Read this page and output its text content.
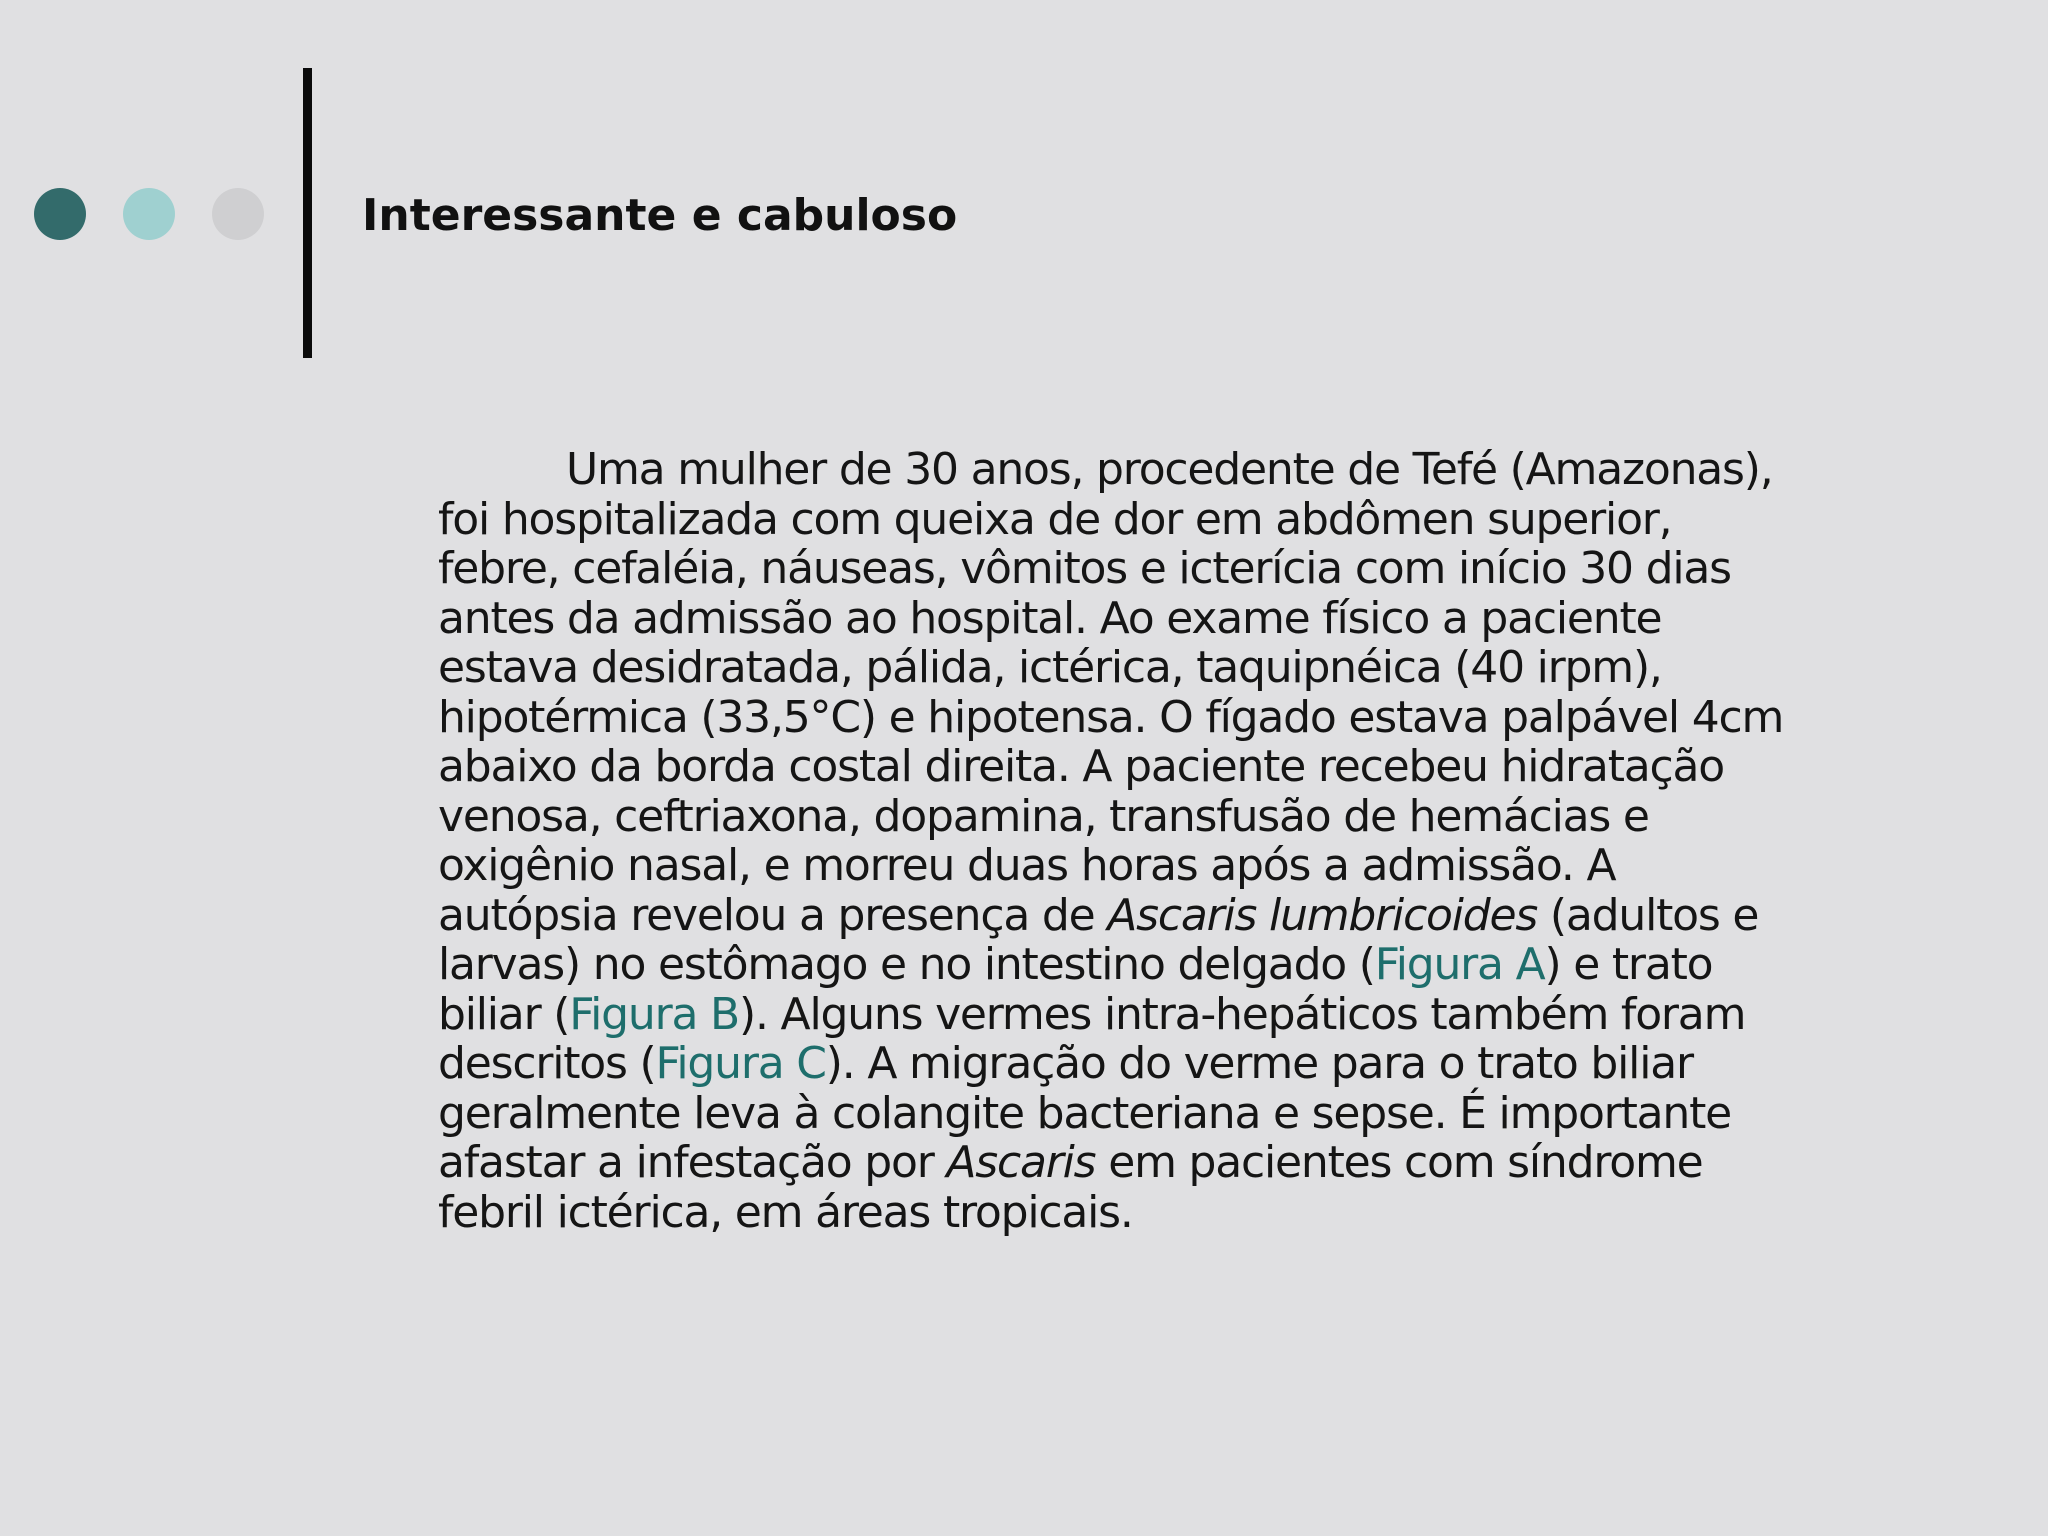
Interessante e cabuloso

Uma mulher de 30 anos, procedente de Tefé (Amazonas),
foi hospitalizada com queixa de dor em abdômen superior,
febre, cefaléia, náuseas, vômitos e icterícia com início 30 dias
antes da admissão ao hospital. Ao exame físico a paciente
estava desidratada, pálida, ictérica, taquipnéica (40 irpm),
hipotérmica (33,5°C) e hipotensa. O fígado estava palpável 4cm
abaixo da borda costal direita. A paciente recebeu hidratação
venosa, ceftriaxona, dopamina, transfusão de hemácias e
oxigênio nasal, e morreu duas horas após a admissão. A
autópsia revelou a presença de Ascaris lumbricoides (adultos e
larvas) no estômago e no intestino delgado (Figura A) e trato
biliar (Figura B). Alguns vermes intra-hepáticos também foram
descritos (Figura C). A migração do verme para o trato biliar
geralmente leva à colangite bacteriana e sepse. É importante
afastar a infestação por Ascaris em pacientes com síndrome
febril ictérica, em áreas tropicais.
